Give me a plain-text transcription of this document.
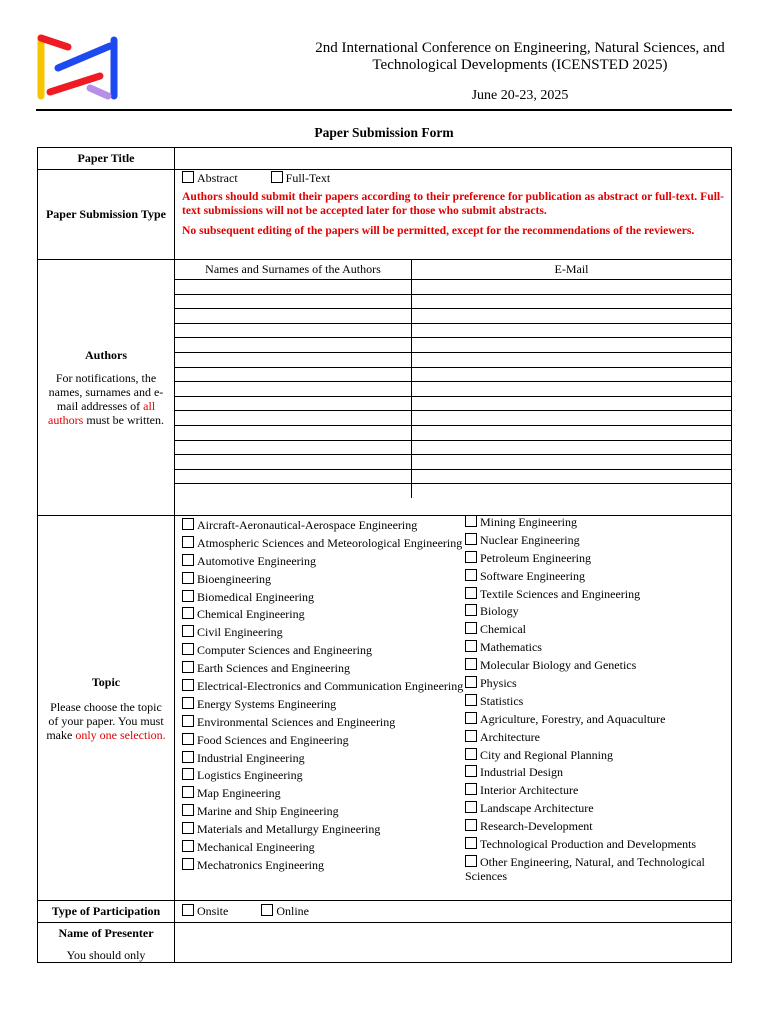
2nd International Conference on Engineering, Natural Sciences, and
Technological Developments (ICENSTED 2025)
June 20-23, 2025
Paper Submission Form
Paper Title	
Paper Submission Type	
Abstract	Full-Text
Authors should submit their papers according to their preference for publication as abstract or full-text. Full-text submissions will not be accepted later for those who submit abstracts.
No subsequent editing of the papers will be permitted, except for the recommendations of the reviewers.

Authors
For notifications, the names, surnames and e-mail addresses of all authors must be written.

Names and Surnames of the Authors	E-Mail

Topic
Please choose the topic of your paper. You must make only one selection.

Aircraft-Aeronautical-Aerospace Engineering
Atmospheric Sciences and Meteorological Engineering
Automotive Engineering
Bioengineering
Biomedical Engineering
Chemical Engineering
Civil Engineering
Computer Sciences and Engineering
Earth Sciences and Engineering
Electrical-Electronics and Communication Engineering
Energy Systems Engineering
Environmental Sciences and Engineering
Food Sciences and Engineering
Industrial Engineering
Logistics Engineering
Map Engineering
Marine and Ship Engineering
Materials and Metallurgy Engineering
Mechanical Engineering
Mechatronics Engineering
Mining Engineering
Nuclear Engineering
Petroleum Engineering
Software Engineering
Textile Sciences and Engineering
Biology
Chemical
Mathematics
Molecular Biology and Genetics
Physics
Statistics
Agriculture, Forestry, and Aquaculture
Architecture
City and Regional Planning
Industrial Design
Interior Architecture
Landscape Architecture
Research-Development
Technological Production and Developments
Other Engineering, Natural, and Technological Sciences

Type of Participation	Onsite	Online

Name of Presenter
You should only
